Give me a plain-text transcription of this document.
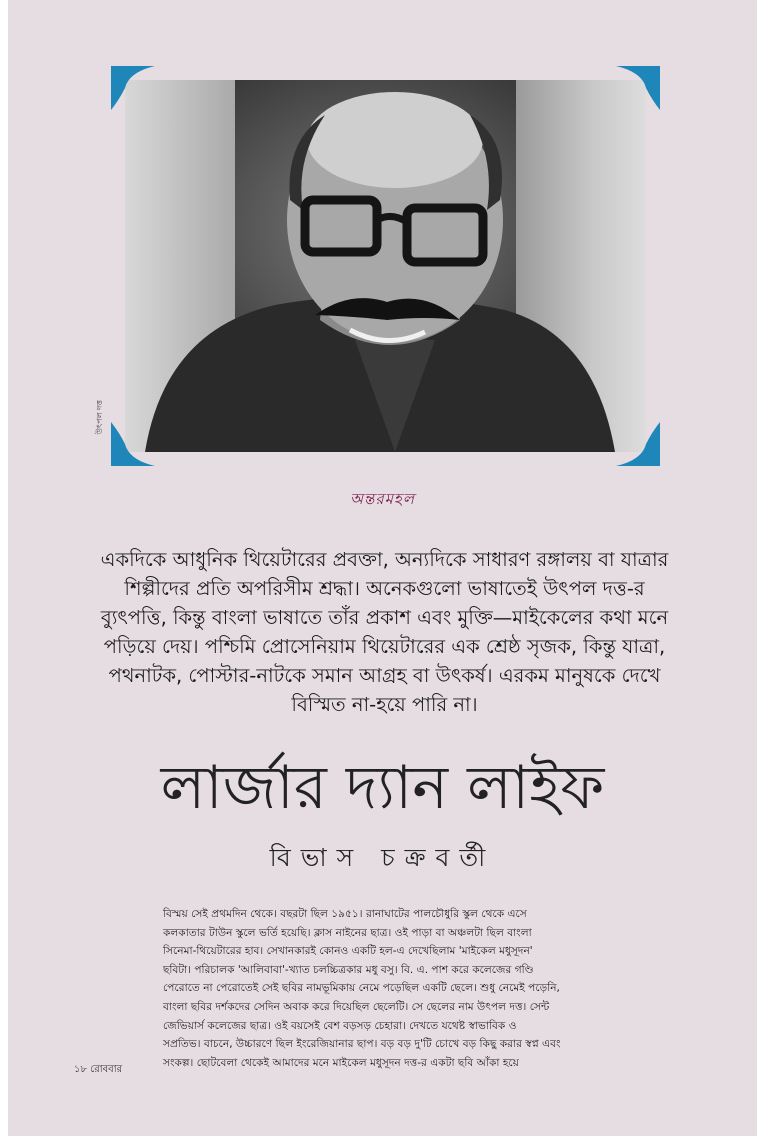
উৎপল দত্ত
অন্তরমহল
একদিকে আধুনিক থিয়েটারের প্রবক্তা, অন্যদিকে সাধারণ রঙ্গালয় বা যাত্রার
শিল্পীদের প্রতি অপরিসীম শ্রদ্ধা। অনেকগুলো ভাষাতেই উৎপল দত্ত-র
ব্যুৎপত্তি, কিন্তু বাংলা ভাষাতে তাঁর প্রকাশ এবং মুক্তি—মাইকেলের কথা মনে
পড়িয়ে দেয়। পশ্চিমি প্রোসেনিয়াম থিয়েটারের এক শ্রেষ্ঠ সৃজক, কিন্তু যাত্রা,
পথনাটক, পোস্টার-নাটকে সমান আগ্রহ বা উৎকর্ষ। এরকম মানুষকে দেখে
বিস্মিত না-হয়ে পারি না।
লার্জার দ্যান লাইফ
বিভাস চক্রবর্তী

বিস্ময় সেই প্রথমদিন থেকে। বছরটা ছিল ১৯৫১। রানাঘাটের পালচৌধুরি স্কুল থেকে এসে

কলকাতার টাউন স্কুলে ভর্তি হয়েছি। ক্লাস নাইনের ছাত্র। ওই পাড়া বা অঞ্চলটা ছিল বাংলা

সিনেমা-থিয়েটারের হাব। সেখানকারই কোনও একটি হল-এ দেখেছিলাম 'মাইকেল মধুসূদন'

ছবিটা। পরিচালক 'আলিবাবা'-খ্যাত চলচ্চিত্রকার মধু বসু। বি. এ. পাশ করে কলেজের গণ্ডি

পেরোতে না পেরোতেই সেই ছবির নামভূমিকায় নেমে পড়েছিল একটি ছেলে। শুধু নেমেই পড়েনি,

বাংলা ছবির দর্শকদের সেদিন অবাক করে দিয়েছিল ছেলেটি। সে ছেলের নাম উৎপল দত্ত। সেন্ট

জেভিয়ার্স কলেজের ছাত্র। ওই বয়সেই বেশ বড়সড় চেহারা। দেখতে যথেষ্ট স্বাভাবিক ও

সপ্রতিভ। বাচনে, উচ্চারণে ছিল ইংরেজিয়ানার ছাপ। বড় বড় দু'টি চোখে বড় কিছু করার স্বপ্ন এবং

সংকল্প। ছোটবেলা থেকেই আমাদের মনে মাইকেল মধুসূদন দত্ত-র একটা ছবি আঁকা হয়ে

১৮ রোববার
